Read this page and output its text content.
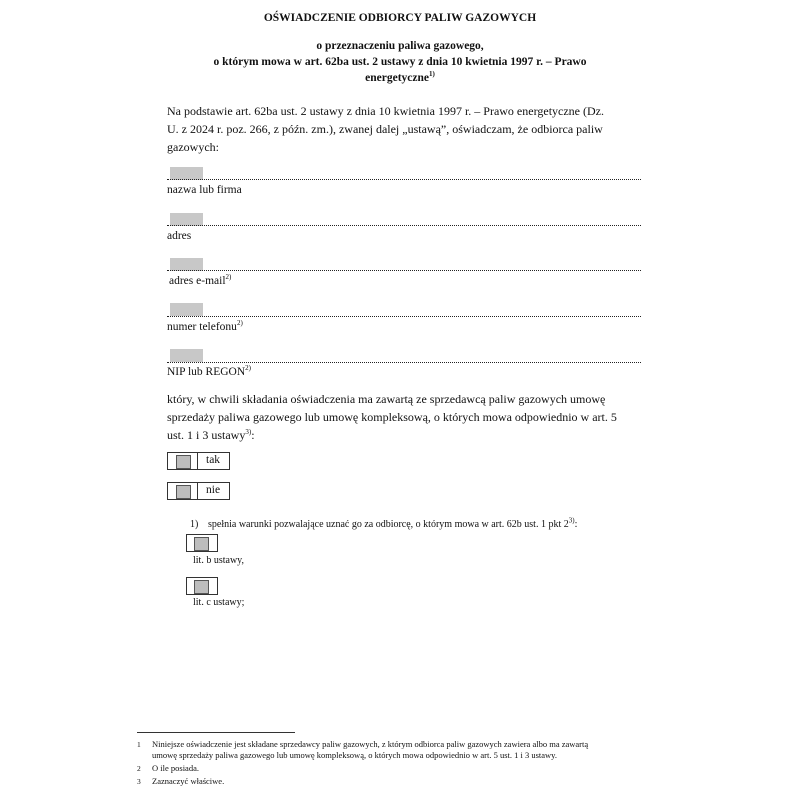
OŚWIADCZENIE ODBIORCY PALIW GAZOWYCH
o przeznaczeniu paliwa gazowego,
o którym mowa w art. 62ba ust. 2 ustawy z dnia 10 kwietnia 1997 r. – Prawo
energetyczne$^{1)}$
Na podstawie art. 62ba ust. 2 ustawy z dnia 10 kwietnia 1997 r. – Prawo energetyczne (Dz.
U. z 2024 r. poz. 266, z późn. zm.), zwanej dalej „ustawą”, oświadczam, że odbiorca paliw
gazowych:
nazwa lub firma
adres
adres e-mail$^{2)}$
numer telefonu$^{2)}$
NIP lub REGON$^{2)}$
który, w chwili składania oświadczenia ma zawartą ze sprzedawcą paliw gazowych umowę
sprzedaży paliwa gazowego lub umowę kompleksową, o których mowa odpowiednio w art. 5
ust. 1 i 3 ustawy$^{3)}$:
tak
nie
1) spełnia warunki pozwalające uznać go za odbiorcę, o którym mowa w art. 62b ust. 1 pkt 2$^{3)}$:
lit. b ustawy,
lit. c ustawy;
1 Niniejsze oświadczenie jest składane sprzedawcy paliw gazowych, z którym odbiorca paliw gazowych zawiera albo ma zawartą
umowę sprzedaży paliwa gazowego lub umowę kompleksową, o których mowa odpowiednio w art. 5 ust. 1 i 3 ustawy.
2 O ile posiada.
3 Zaznaczyć właściwe.
